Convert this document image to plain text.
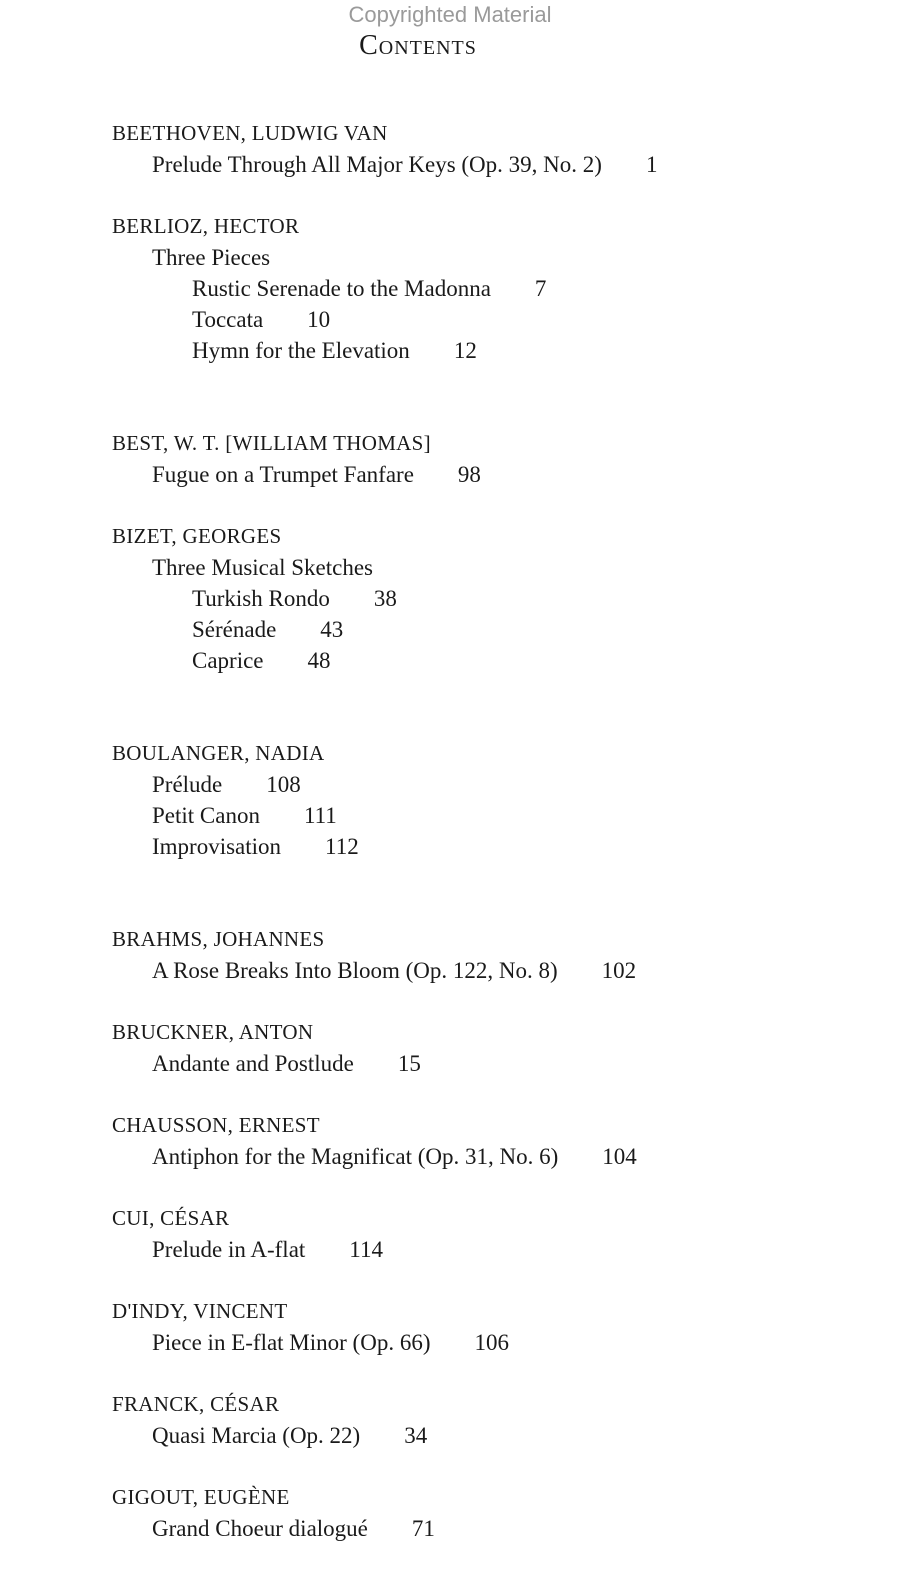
Copyrighted Material
Contents
BEETHOVEN, LUDWIG VAN
Prelude Through All Major Keys (Op. 39, No. 2) 1
BERLIOZ, HECTOR
Three Pieces
Rustic Serenade to the Madonna 7
Toccata 10
Hymn for the Elevation 12
BEST, W. T. [WILLIAM THOMAS]
Fugue on a Trumpet Fanfare 98
BIZET, GEORGES
Three Musical Sketches
Turkish Rondo 38
Sérénade 43
Caprice 48
BOULANGER, NADIA
Prélude 108
Petit Canon 111
Improvisation 112
BRAHMS, JOHANNES
A Rose Breaks Into Bloom (Op. 122, No. 8) 102
BRUCKNER, ANTON
Andante and Postlude 15
CHAUSSON, ERNEST
Antiphon for the Magnificat (Op. 31, No. 6) 104
CUI, CÉSAR
Prelude in A-flat 114
D'INDY, VINCENT
Piece in E-flat Minor (Op. 66) 106
FRANCK, CÉSAR
Quasi Marcia (Op. 22) 34
GIGOUT, EUGÈNE
Grand Choeur dialogué 71
